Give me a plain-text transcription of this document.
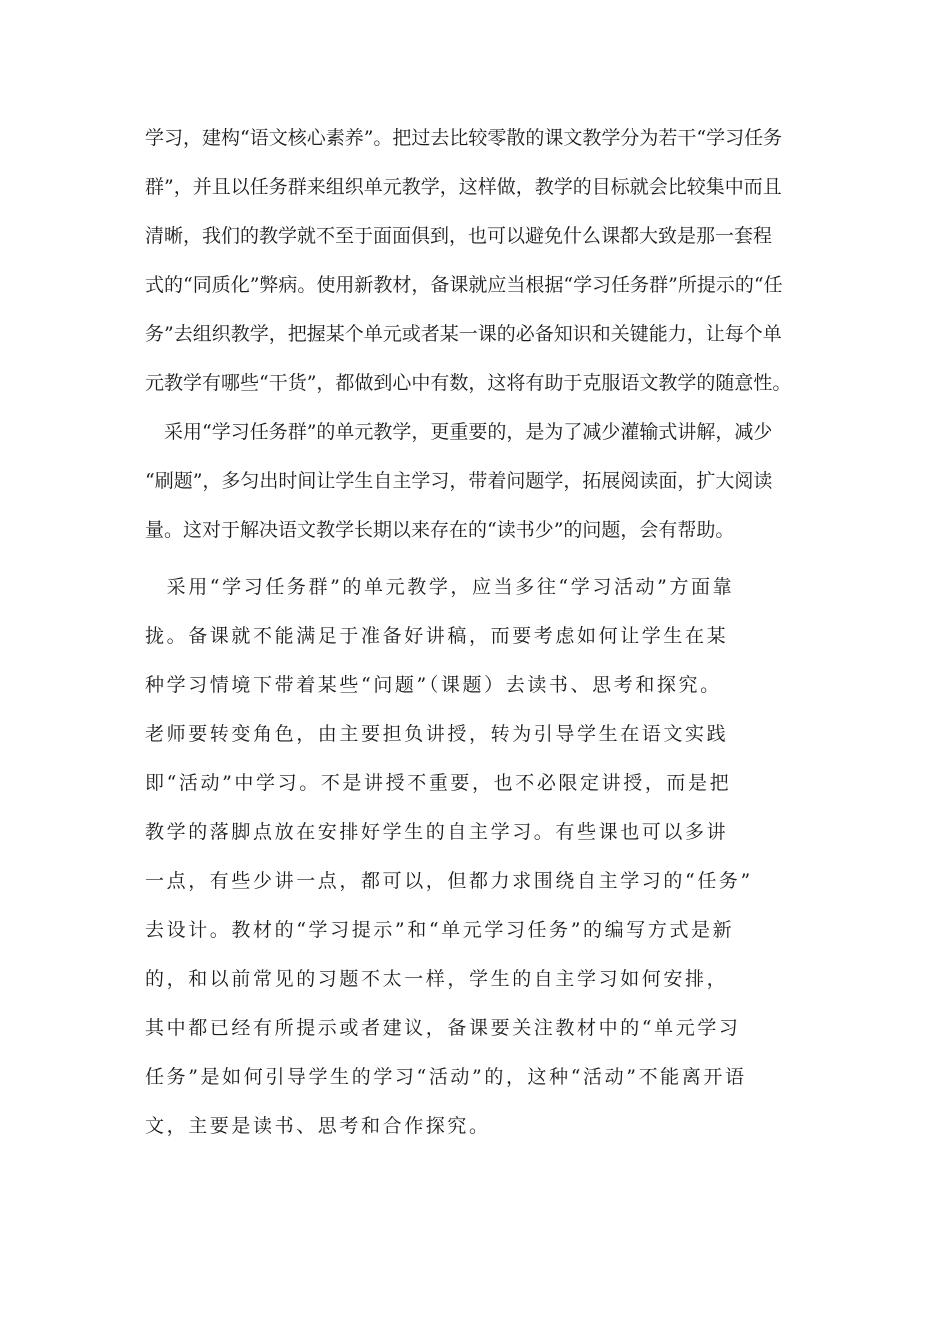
学习，建构“语文核心素养”。把过去比较零散的课文教学分为若干“学习任务
群”，并且以任务群来组织单元教学，这样做，教学的目标就会比较集中而且
清晰，我们的教学就不至于面面俱到，也可以避免什么课都大致是那一套程
式的“同质化”弊病。使用新教材，备课就应当根据“学习任务群”所提示的“任
务”去组织教学，把握某个单元或者某一课的必备知识和关键能力，让每个单
元教学有哪些“干货”，都做到心中有数，这将有助于克服语文教学的随意性。

　采用“学习任务群”的单元教学，更重要的，是为了减少灌输式讲解，减少
“刷题”，多匀出时间让学生自主学习，带着问题学，拓展阅读面，扩大阅读
量。这对于解决语文教学长期以来存在的“读书少”的问题，会有帮助。

　采用“学习任务群”的单元教学，应当多往“学习活动”方面靠
拢。备课就不能满足于准备好讲稿，而要考虑如何让学生在某
种学习情境下带着某些“问题”（课题）去读书、思考和探究。
老师要转变角色，由主要担负讲授，转为引导学生在语文实践
即“活动”中学习。不是讲授不重要，也不必限定讲授，而是把
教学的落脚点放在安排好学生的自主学习。有些课也可以多讲
一点，有些少讲一点，都可以，但都力求围绕自主学习的“任务”
去设计。教材的“学习提示”和“单元学习任务”的编写方式是新
的，和以前常见的习题不太一样，学生的自主学习如何安排，
其中都已经有所提示或者建议，备课要关注教材中的“单元学习
任务”是如何引导学生的学习“活动”的，这种“活动”不能离开语
文，主要是读书、思考和合作探究。
